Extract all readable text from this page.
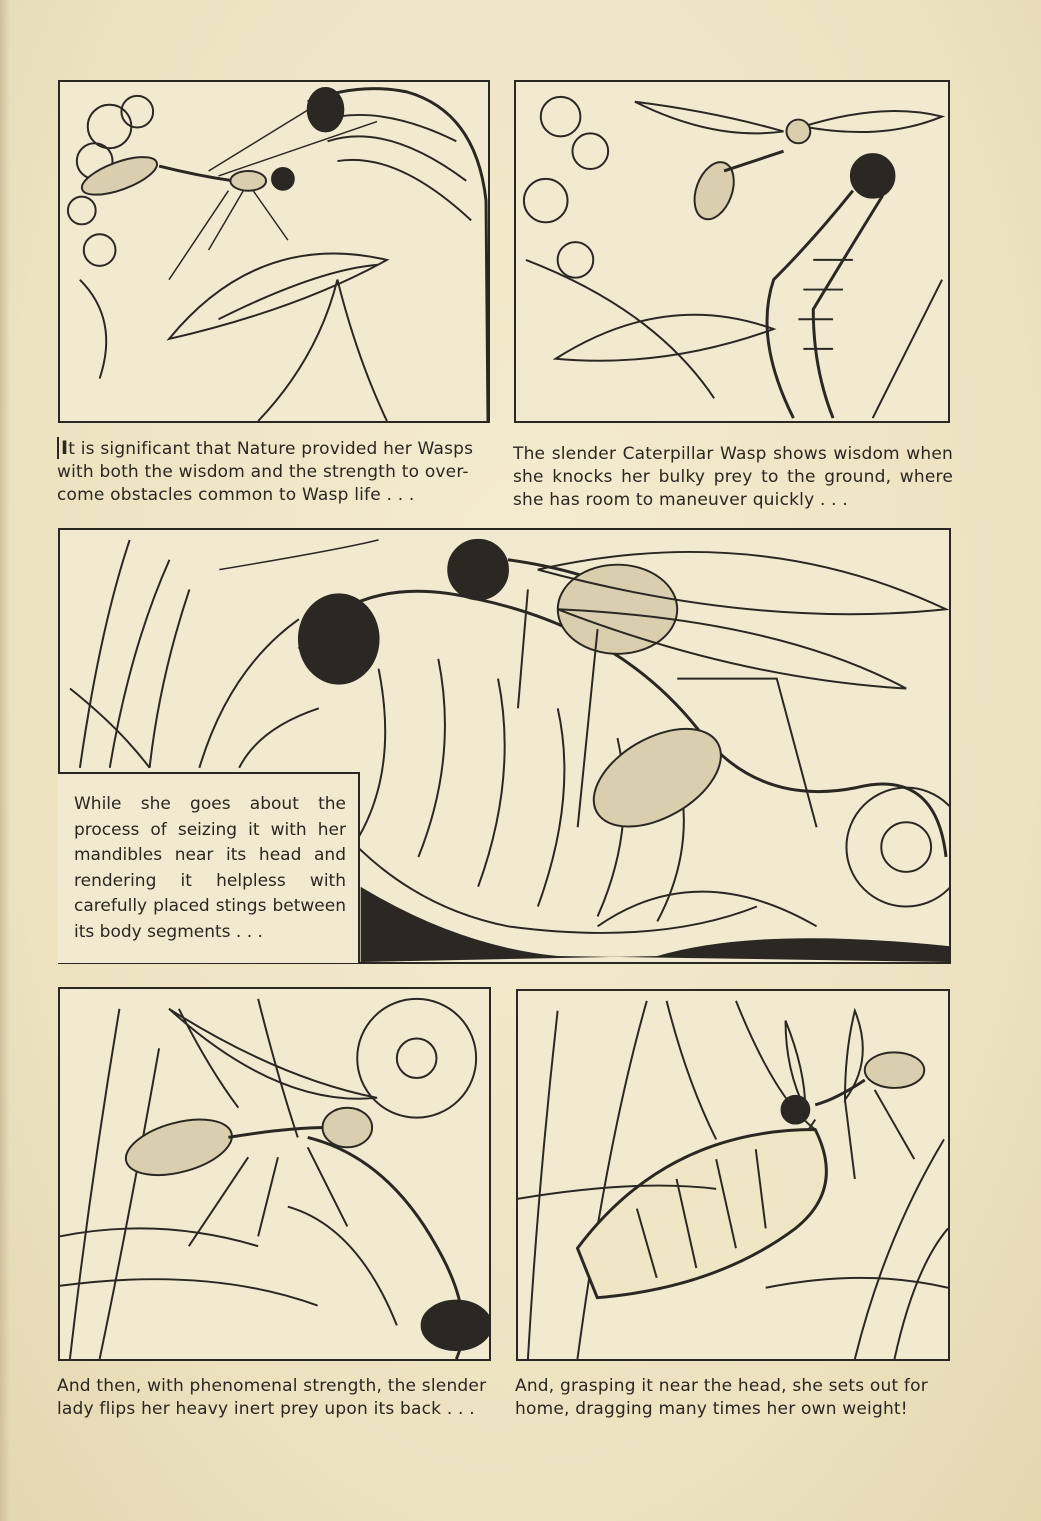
It is significant that Nature provided her Wasps with both the wisdom and the strength to over-come obstacles common to Wasp life . . .
The slender Caterpillar Wasp shows wisdom when she knocks her bulky prey to the ground, where she has room to maneuver quickly . . .
While she goes about the process of seizing it with her mandibles near its head and rendering it helpless with carefully placed stings between its body segments . . .
And then, with phenomenal strength, the slender lady flips her heavy inert prey upon its back . . .
And, grasping it near the head, she sets out for home, dragging many times her own weight!
